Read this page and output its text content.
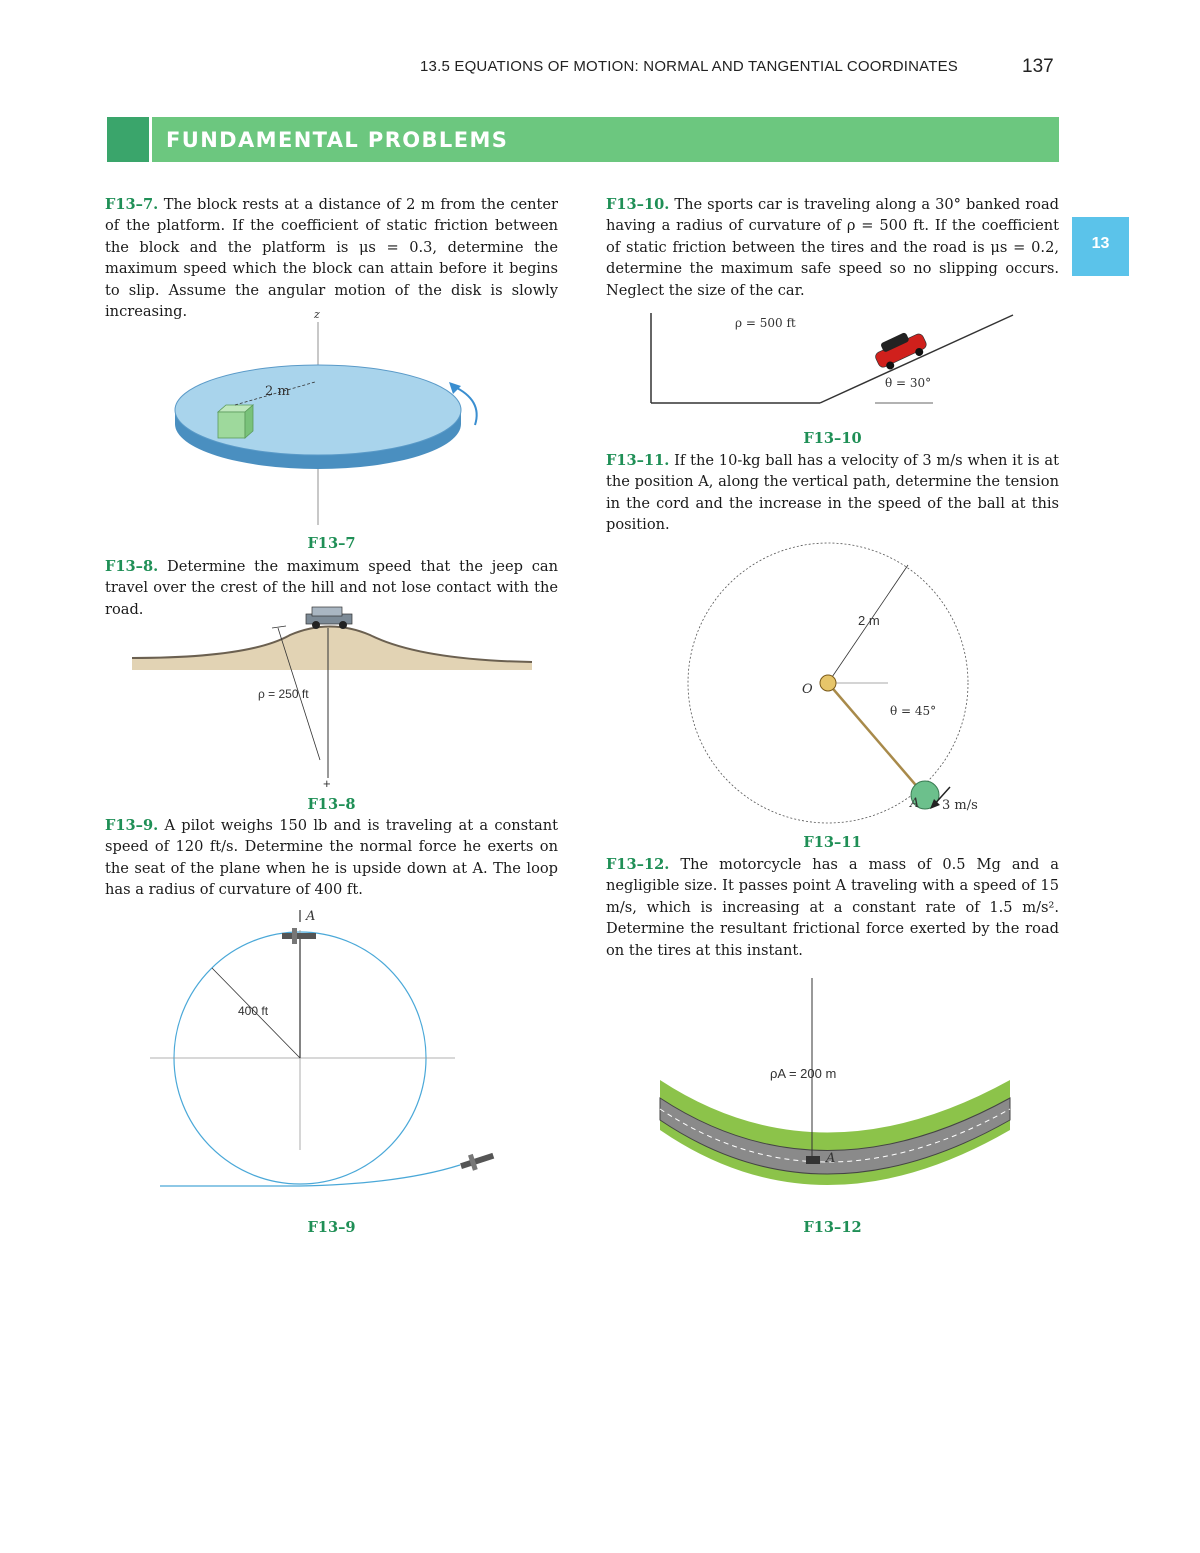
13.5 EQUATIONS OF MOTION: NORMAL AND TANGENTIAL COORDINATES	137
FUNDAMENTAL PROBLEMS
13
F13–7. The block rests at a distance of 2 m from the center of the platform. If the coefficient of static friction between the block and the platform is μs = 0.3, determine the maximum speed which the block can attain before it begins to slip. Assume the angular motion of the disk is slowly increasing.	z
2 m
F13–7
F13–8. Determine the maximum speed that the jeep can travel over the crest of the hill and not lose contact with the road.
ρ = 250 ft
+
F13–8
F13–9. A pilot weighs 150 lb and is traveling at a constant speed of 120 ft/s. Determine the normal force he exerts on the seat of the plane when he is upside down at A. The loop has a radius of curvature of 400 ft.
A
400 ft
F13–9
F13–10. The sports car is traveling along a 30° banked road having a radius of curvature of ρ = 500 ft. If the coefficient of static friction between the tires and the road is μs = 0.2, determine the maximum safe speed so no slipping occurs. Neglect the size of the car.
ρ = 500 ft
θ = 30°
F13–10
F13–11. If the 10-kg ball has a velocity of 3 m/s when it is at the position A, along the vertical path, determine the tension in the cord and the increase in the speed of the ball at this position.
2 m
O
θ = 45°
A 3 m/s
F13–11
F13–12. The motorcycle has a mass of 0.5 Mg and a negligible size. It passes point A traveling with a speed of 15 m/s, which is increasing at a constant rate of 1.5 m/s². Determine the resultant frictional force exerted by the road on the tires at this instant.
ρA = 200 m
A
F13–12
